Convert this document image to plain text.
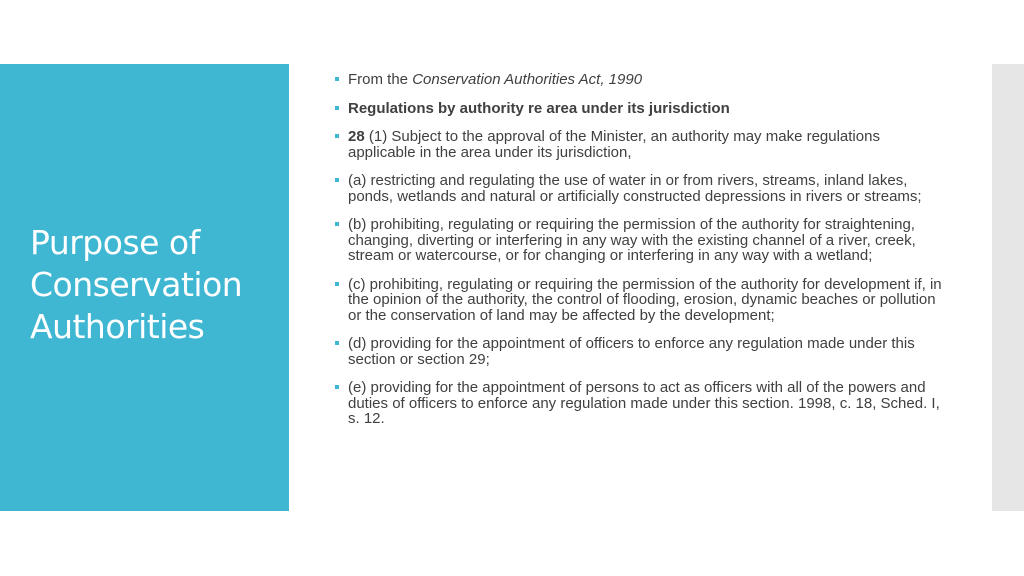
Purpose of
Conservation
Authorities
From the Conservation Authorities Act, 1990
Regulations by authority re area under its jurisdiction
28 (1) Subject to the approval of the Minister, an authority may make regulations applicable in the area under its jurisdiction,
(a) restricting and regulating the use of water in or from rivers, streams, inland lakes, ponds, wetlands and natural or artificially constructed depressions in rivers or streams;
(b) prohibiting, regulating or requiring the permission of the authority for straightening, changing, diverting or interfering in any way with the existing channel of a river, creek, stream or watercourse, or for changing or interfering in any way with a wetland;
(c) prohibiting, regulating or requiring the permission of the authority for development if, in the opinion of the authority, the control of flooding, erosion, dynamic beaches or pollution or the conservation of land may be affected by the development;
(d) providing for the appointment of officers to enforce any regulation made under this section or section 29;
(e) providing for the appointment of persons to act as officers with all of the powers and duties of officers to enforce any regulation made under this section. 1998, c. 18, Sched. I, s. 12.
